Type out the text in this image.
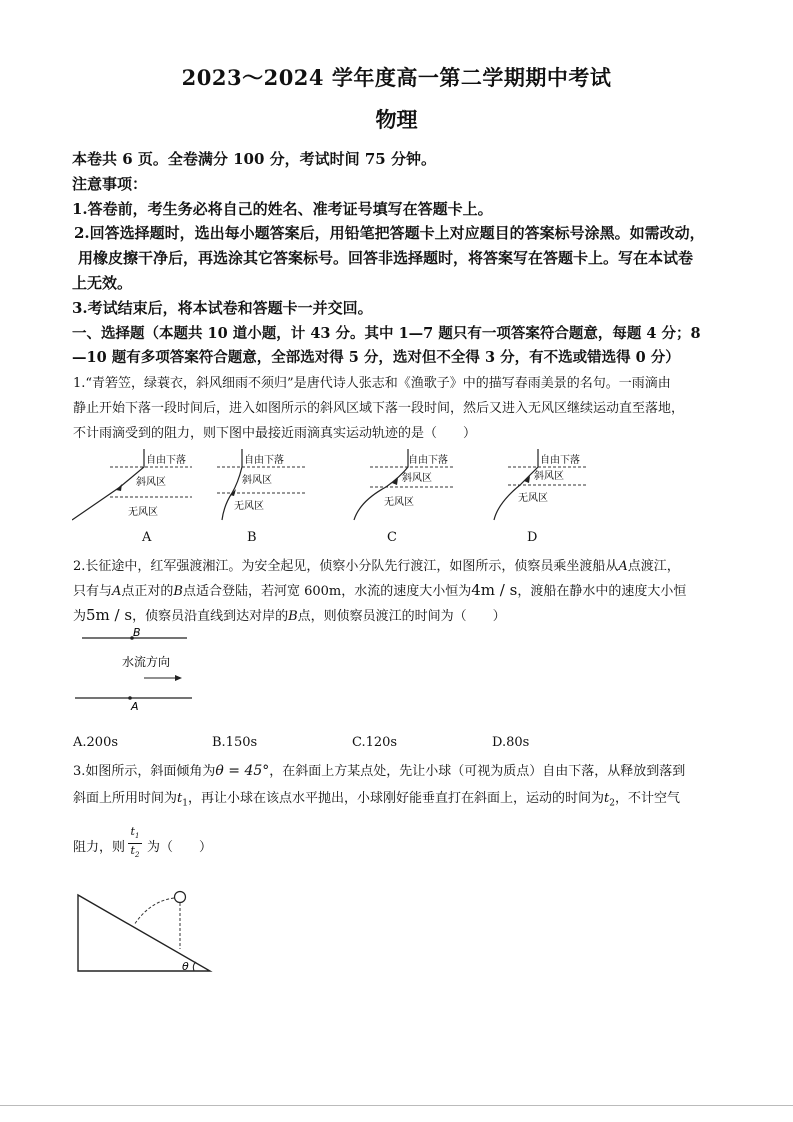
2023～2024 学年度高一第二学期期中考试
物理
本卷共 6 页。全卷满分 100 分，考试时间 75 分钟。
注意事项：
1.答卷前，考生务必将自己的姓名、准考证号填写在答题卡上。
2.回答选择题时，选出每小题答案后，用铅笔把答题卡上对应题目的答案标号涂黑。如需改动，
用橡皮擦干净后，再选涂其它答案标号。回答非选择题时，将答案写在答题卡上。写在本试卷
上无效。
3.考试结束后，将本试卷和答题卡一并交回。
一、选择题（本题共 10 道小题，计 43 分。其中 1—7 题只有一项答案符合题意，每题 4 分；8
—10 题有多项答案符合题意，全部选对得 5 分，选对但不全得 3 分，有不选或错选得 0 分）
1.“青箬笠，绿蓑衣，斜风细雨不须归”是唐代诗人张志和《渔歌子》中的描写春雨美景的名句。一雨滴由
静止开始下落一段时间后，进入如图所示的斜风区域下落一段时间，然后又进入无风区继续运动直至落地，
不计雨滴受到的阻力，则下图中最接近雨滴真实运动轨迹的是（　　）
自由下落
斜风区
无风区
自由下落
斜风区
无风区
自由下落
斜风区
无风区
自由下落
斜风区
无风区
A	B	C	D
2.长征途中，红军强渡湘江。为安全起见，侦察小分队先行渡江，如图所示，侦察员乘坐渡船从A点渡江，
只有与A点正对的B点适合登陆，若河宽 600m，水流的速度大小恒为4m / s，渡船在静水中的速度大小恒
为5m / s，侦察员沿直线到达对岸的B点，则侦察员渡江的时间为（　　）
B
A
水流方向
A.200s	B.150s	C.120s	D.80s
3.如图所示，斜面倾角为θ = 45°，在斜面上方某点处，先让小球（可视为质点）自由下落，从释放到落到
斜面上所用时间为$t_1$，再让小球在该点水平抛出，小球刚好能垂直打在斜面上，运动的时间为$t_2$，不计空气
阻力，则
$t_1$
$t_2$
为（　　）
θ
